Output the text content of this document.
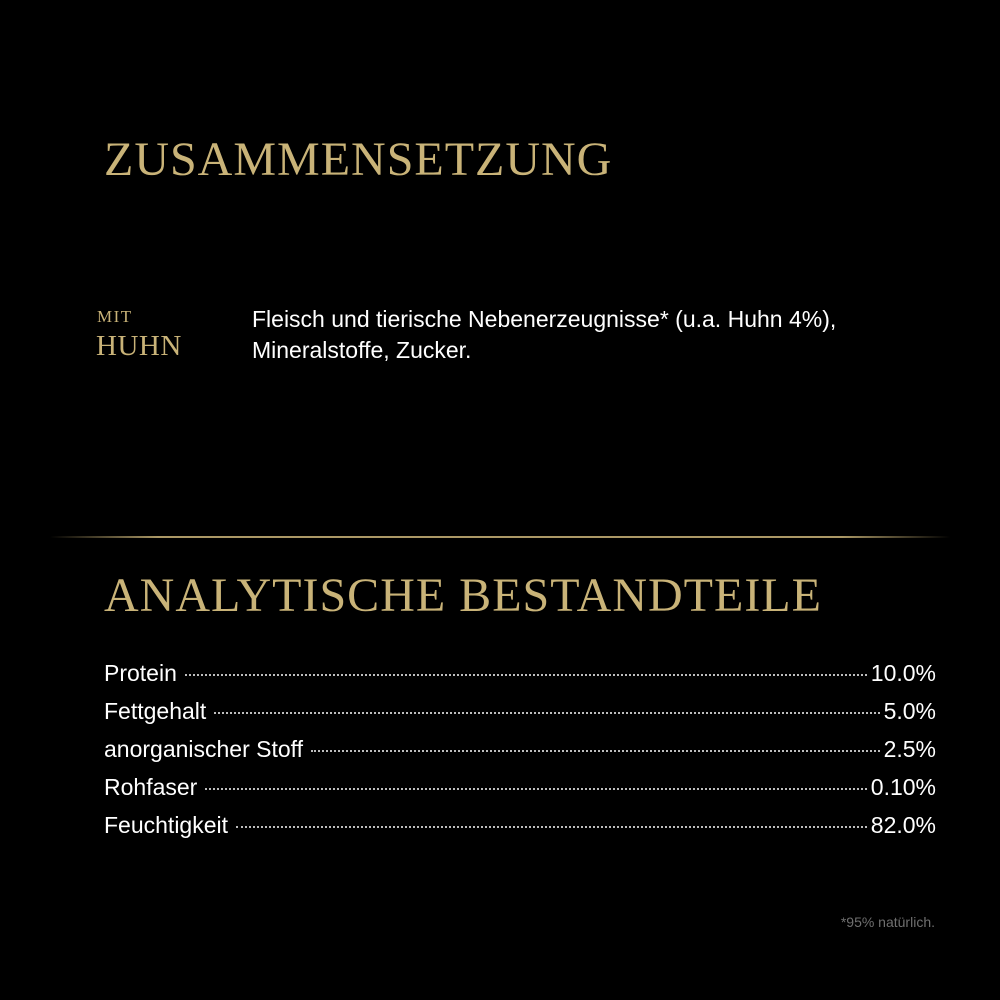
ZUSAMMENSETZUNG
MIT
HUHN

Fleisch und tierische Nebenerzeugnisse* (u.a. Huhn 4%), Mineralstoffe, Zucker.

ANALYTISCHE BESTANDTEILE
Protein	10.0%
Fettgehalt	5.0%
anorganischer Stoff	2.5%
Rohfaser	0.10%
Feuchtigkeit	82.0%

*95% natürlich.
